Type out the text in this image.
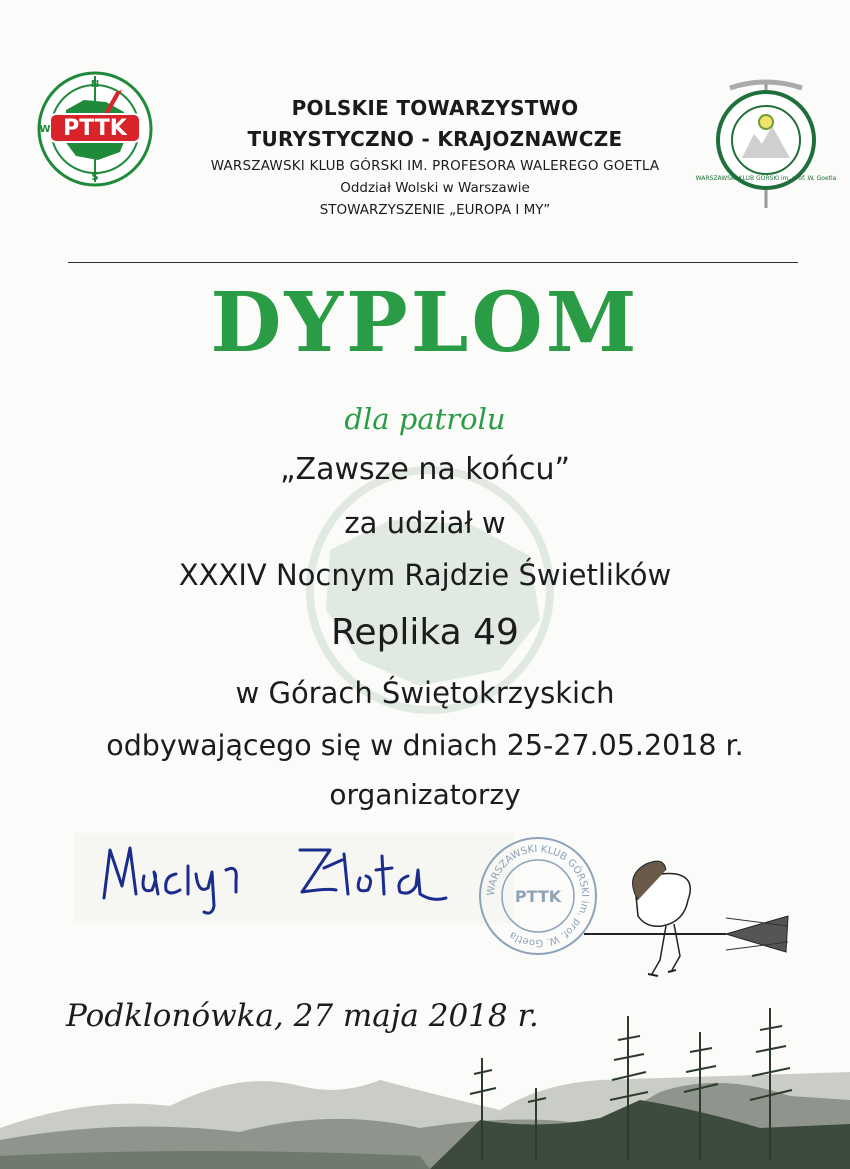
PTTK
N
S
W
WARSZAWSKI KLUB GÓRSKI im. prof. W. Goetla
POLSKIE TOWARZYSTWO
TURYSTYCZNO - KRAJOZNAWCZE
WARSZAWSKI KLUB GÓRSKI IM. PROFESORA WALEREGO GOETLA
Oddział Wolski w Warszawie
STOWARZYSZENIE „EUROPA I MY”
DYPLOM
dla patrolu
„Zawsze na końcu”
za udział w
XXXIV Nocnym Rajdzie Świetlików
Replika 49
w Górach Świętokrzyskich
odbywającego się w dniach 25-27.05.2018 r.
organizatorzy
WARSZAWSKI KLUB GÓRSKI im. prof. W. Goetla
PTTK
Podklonówka, 27 maja 2018 r.
